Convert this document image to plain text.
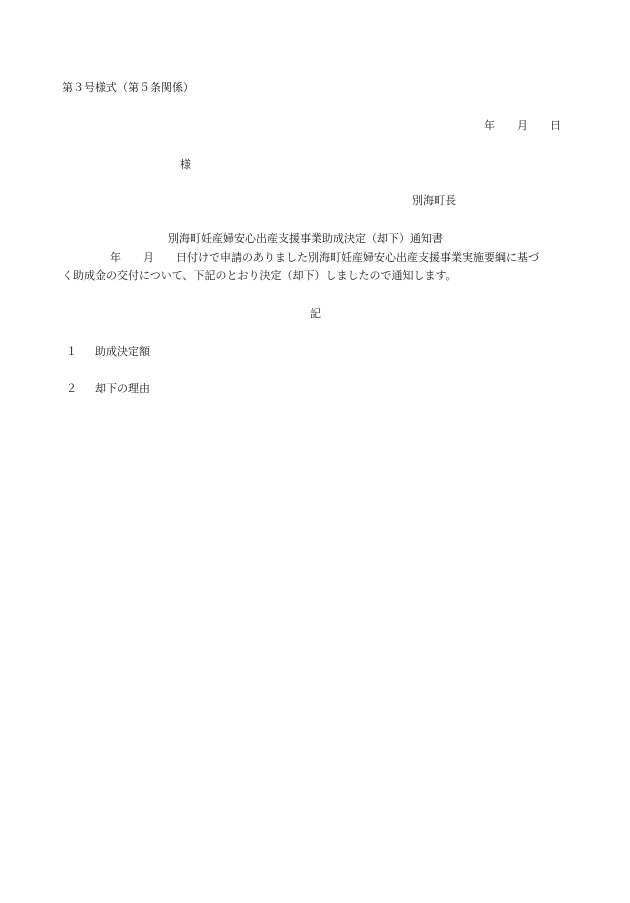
第３号様式（第５条関係）
年 月 日
様
別海町長
別海町妊産婦安心出産支援事業助成決定（却下）通知書
年 月 日付けで申請のありました別海町妊産婦安心出産支援事業実施要綱に基づ
く助成金の交付について、下記のとおり決定（却下）しましたので通知します。
記
１ 助成決定額
２ 却下の理由
